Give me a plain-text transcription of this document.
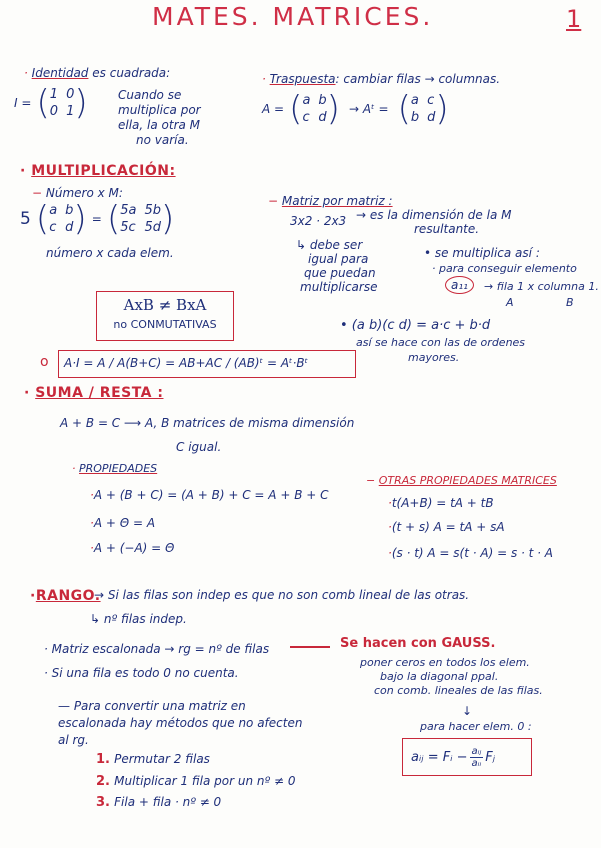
MATES. MATRICES.	1
· Identidad es cuadrada:
I = ( 1 0
0 1 )	Cuando se
multiplica por
ella, la otra M
no varía.
· Traspuesta: cambiar filas → columnas.
A = ( a b
c d ) → Aᵗ = ( a c
b d )
· MULTIPLICACIÓN:
− Número x M:
5 ( a b
c d ) = ( 5a 5b
5c 5d )
número x cada elem.
− Matriz por matriz :
3x2 · 2x3 → es la dimensión de la M
resultante.
↳ debe ser
igual para
que puedan
multiplicarse
• se multiplica así :
· para conseguir elemento
a₁₁	→ fila 1 x columna 1.
A	B
AxB ≠ BxA
no CONMUTATIVAS	• (a b)(c d) = a·c + b·d
así se hace con las de ordenes
mayores.
o A·I = A / A(B+C) = AB+AC / (AB)ᵗ = Aᵗ·Bᵗ
· SUMA / RESTA :
A + B = C ⟶ A, B matrices de misma dimensión
C igual.
· PROPIEDADES
·A + (B + C) = (A + B) + C = A + B + C
·A + Θ = A
·A + (−A) = Θ
− OTRAS PROPIEDADES MATRICES
·t(A+B) = tA + tB
·(t + s) A = tA + sA
·(s · t) A = s(t · A) = s · t · A
·RANGO.
→ Si las filas son indep es que no son comb lineal de las otras.
↳ nº filas indep.
· Matriz escalonada → rg = nº de filas	Se hacen con GAUSS.
poner ceros en todos los elem.
bajo la diagonal ppal.
con comb. lineales de las filas.
· Si una fila es todo 0 no cuenta.
— Para convertir una matriz en
escalonada hay métodos que no afecten
al rg.
1. Permutar 2 filas
2. Multiplicar 1 fila por un nº ≠ 0
3. Fila + fila · nº ≠ 0
↓
para hacer elem. 0 :
aᵢⱼ = Fᵢ − aᵢⱼ
aᵢᵢ Fⱼ
